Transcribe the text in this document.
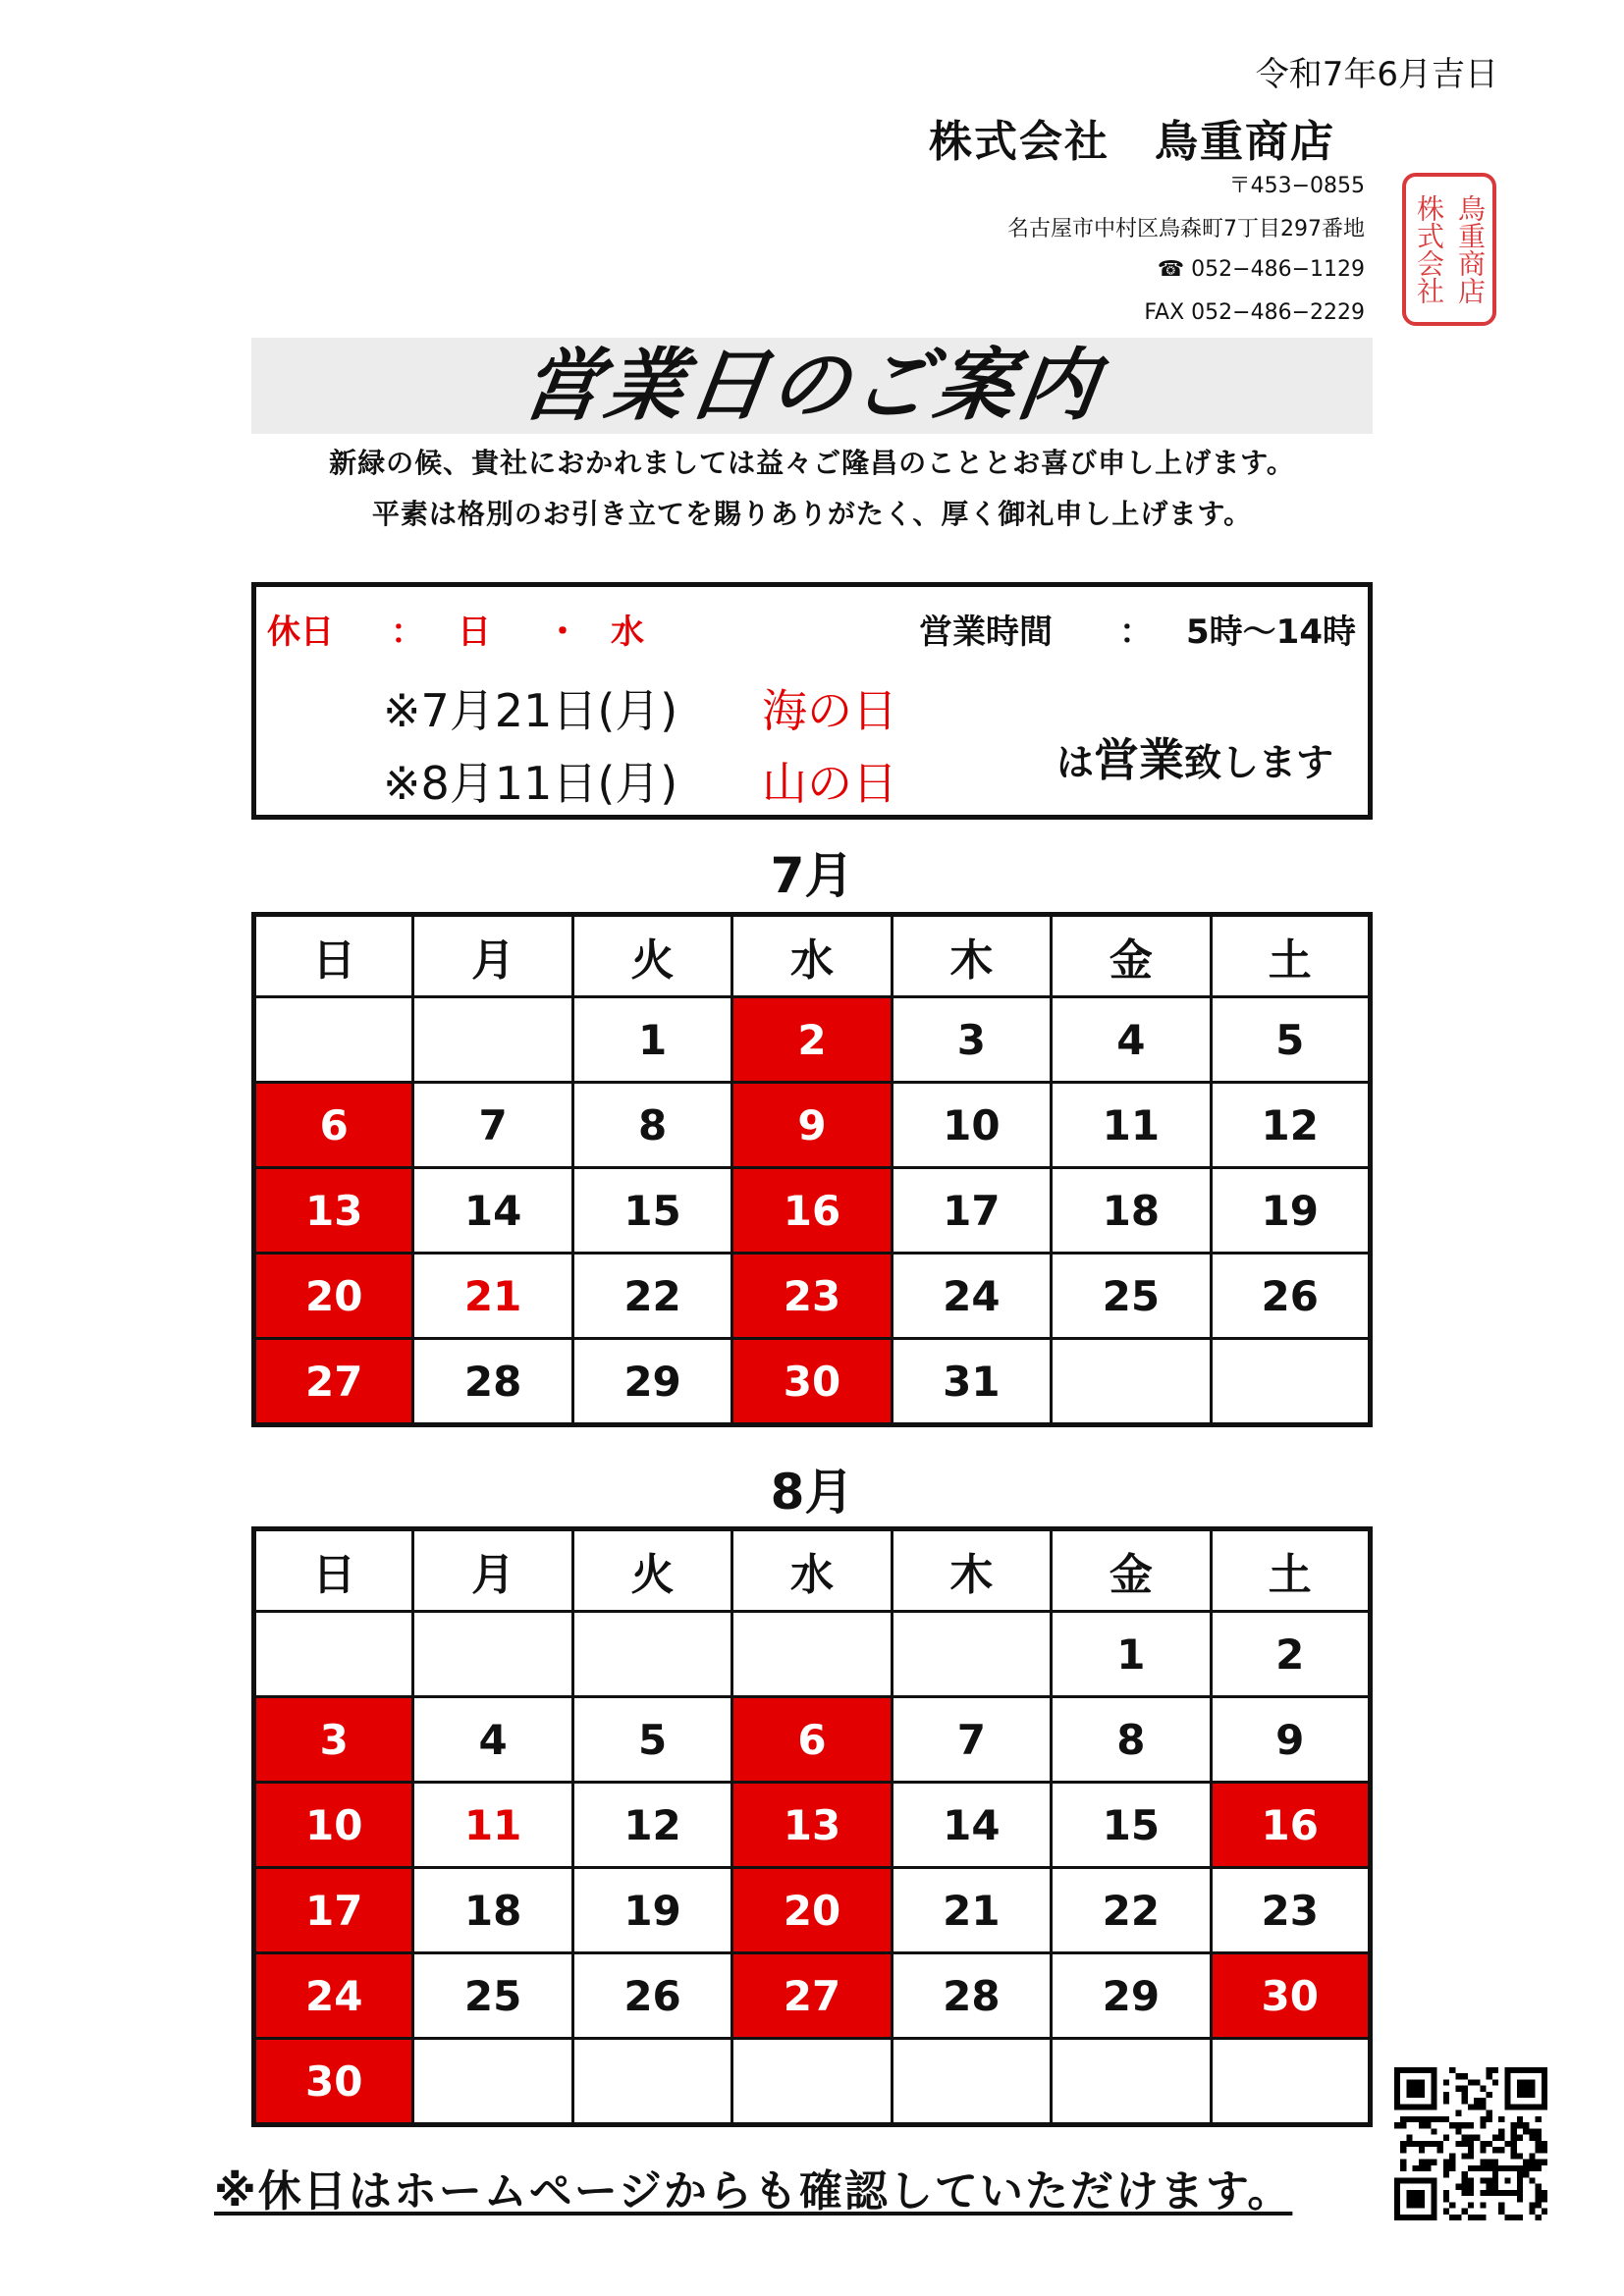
令和7年6月吉日
株式会社　鳥重商店
〒453−0855
名古屋市中村区鳥森町7丁目297番地
☎ 052−486−1129
FAX 052−486−2229
株式会社 鳥重商店
営業日のご案内
新緑の候、貴社におかれましては益々ご隆昌のこととお喜び申し上げます。
平素は格別のお引き立てを賜りありがたく、厚く御礼申し上げます。
休日 ： 日 ・ 水	営業時間 ： 5時～14時
※7月21日(月) 海の日
※8月11日(月) 山の日	は営業致します
7月
日	月	火	水	木	金	土
		1	2	3	4	5
6	7	8	9	10	11	12
13	14	15	16	17	18	19
20	21	22	23	24	25	26
27	28	29	30	31		
8月
日	月	火	水	木	金	土
					1	2
3	4	5	6	7	8	9
10	11	12	13	14	15	16
17	18	19	20	21	22	23
24	25	26	27	28	29	30
30						
※休日はホームページからも確認していただけます。
